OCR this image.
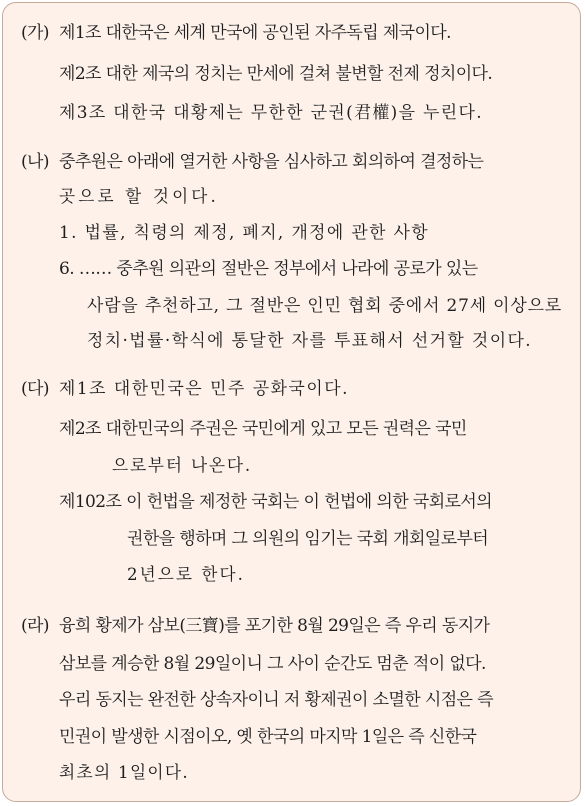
(가) 제1조 대한국은 세계 만국에 공인된 자주독립 제국이다.
제2조 대한 제국의 정치는 만세에 걸쳐 불변할 전제 정치이다.
제3조 대한국 대황제는 무한한 군권(君權)을 누린다.
(나) 중추원은 아래에 열거한 사항을 심사하고 회의하여 결정하는
곳으로 할 것이다.
1. 법률, 칙령의 제정, 폐지, 개정에 관한 사항
6. …… 중추원 의관의 절반은 정부에서 나라에 공로가 있는
사람을 추천하고, 그 절반은 인민 협회 중에서 27세 이상으로
정치·법률·학식에 통달한 자를 투표해서 선거할 것이다.
(다) 제1조 대한민국은 민주 공화국이다.
제2조 대한민국의 주권은 국민에게 있고 모든 권력은 국민
으로부터 나온다.
제102조 이 헌법을 제정한 국회는 이 헌법에 의한 국회로서의
권한을 행하며 그 의원의 임기는 국회 개회일로부터
2년으로 한다.
(라) 융희 황제가 삼보(三寶)를 포기한 8월 29일은 즉 우리 동지가
삼보를 계승한 8월 29일이니 그 사이 순간도 멈춘 적이 없다.
우리 동지는 완전한 상속자이니 저 황제권이 소멸한 시점은 즉
민권이 발생한 시점이오, 옛 한국의 마지막 1일은 즉 신한국
최초의 1일이다.
